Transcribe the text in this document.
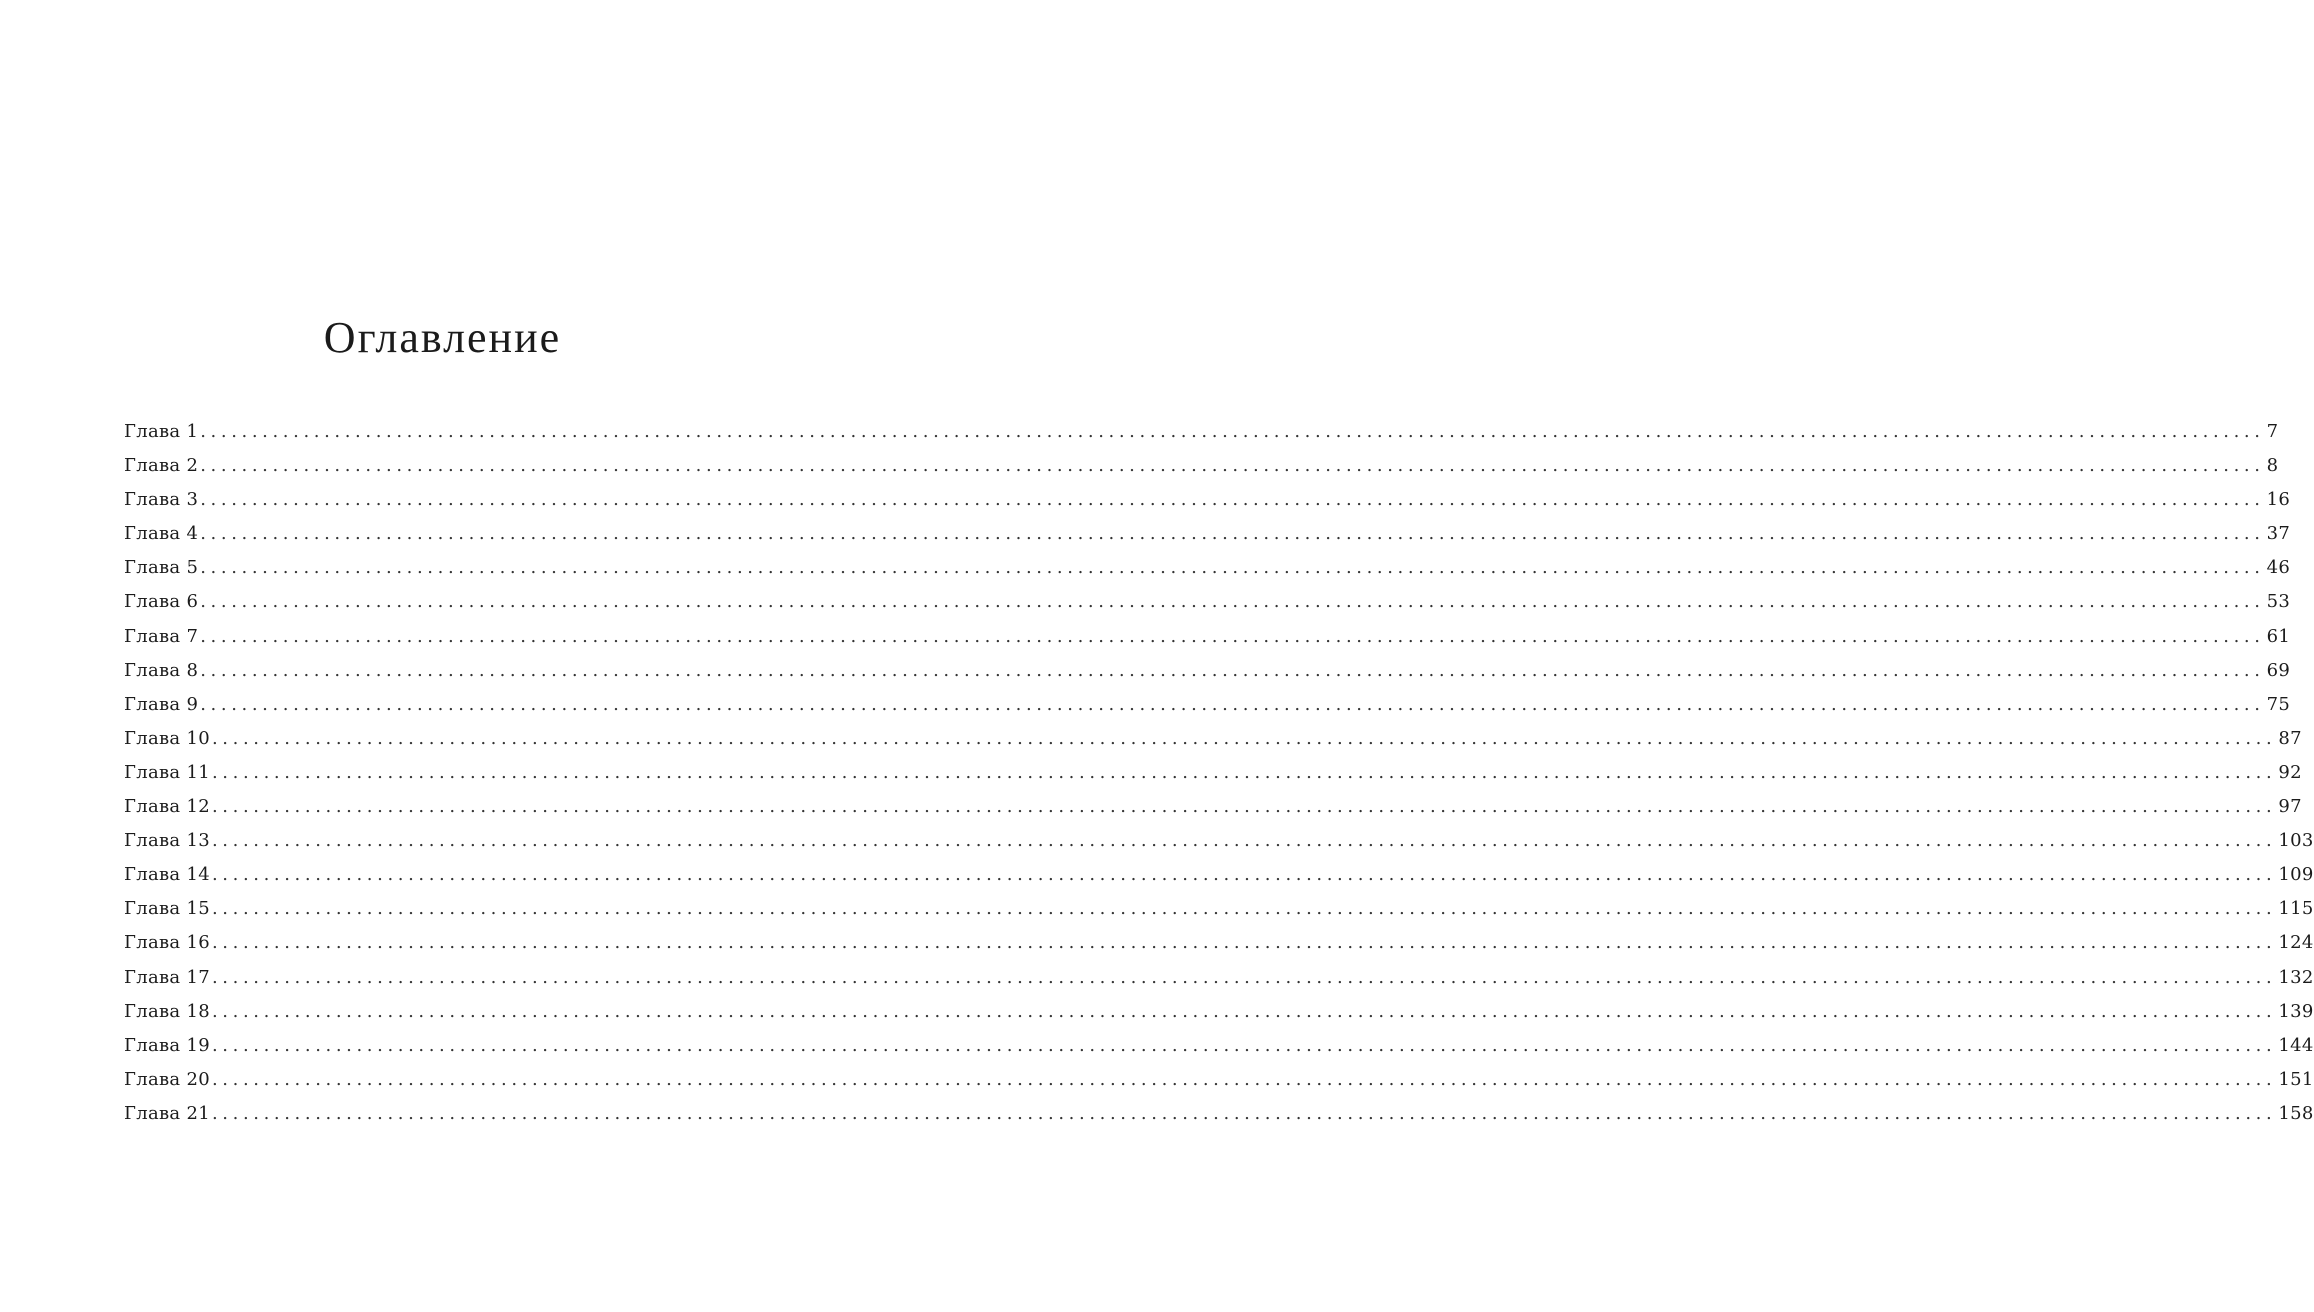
Оглавление
Глава 1 ........................................................................................................................................................................................................ 7
Глава 2 ........................................................................................................................................................................................................ 8
Глава 3 ........................................................................................................................................................................................................ 16
Глава 4 ........................................................................................................................................................................................................ 37
Глава 5 ........................................................................................................................................................................................................ 46
Глава 6 ........................................................................................................................................................................................................ 53
Глава 7 ........................................................................................................................................................................................................ 61
Глава 8 ........................................................................................................................................................................................................ 69
Глава 9 ........................................................................................................................................................................................................ 75
Глава 10 ........................................................................................................................................................................................................ 87
Глава 11 ........................................................................................................................................................................................................ 92
Глава 12 ........................................................................................................................................................................................................ 97
Глава 13 ........................................................................................................................................................................................................ 103
Глава 14 ........................................................................................................................................................................................................ 109
Глава 15 ........................................................................................................................................................................................................ 115
Глава 16 ........................................................................................................................................................................................................ 124
Глава 17 ........................................................................................................................................................................................................ 132
Глава 18 ........................................................................................................................................................................................................ 139
Глава 19 ........................................................................................................................................................................................................ 144
Глава 20 ........................................................................................................................................................................................................ 151
Глава 21 ........................................................................................................................................................................................................ 158
